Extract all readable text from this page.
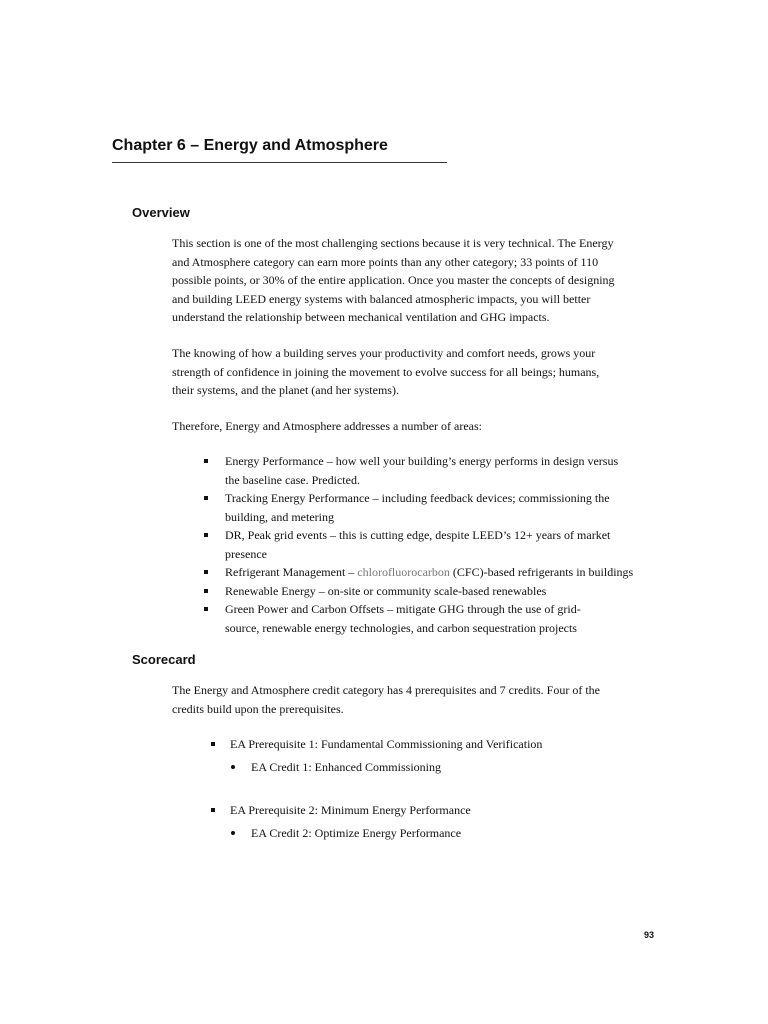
Chapter 6 – Energy and Atmosphere
Overview

This section is one of the most challenging sections because it is very technical. The Energy
and Atmosphere category can earn more points than any other category; 33 points of 110
possible points, or 30% of the entire application. Once you master the concepts of designing
and building LEED energy systems with balanced atmospheric impacts, you will better
understand the relationship between mechanical ventilation and GHG impacts.

The knowing of how a building serves your productivity and comfort needs, grows your
strength of confidence in joining the movement to evolve success for all beings; humans,
their systems, and the planet (and her systems).

Therefore, Energy and Atmosphere addresses a number of areas:

Energy Performance – how well your building’s energy performs in design versus
the baseline case. Predicted.
Tracking Energy Performance – including feedback devices; commissioning the
building, and metering
DR, Peak grid events – this is cutting edge, despite LEED’s 12+ years of market
presence
Refrigerant Management – chlorofluorocarbon (CFC)-based refrigerants in buildings
Renewable Energy – on-site or community scale-based renewables
Green Power and Carbon Offsets – mitigate GHG through the use of grid-
source, renewable energy technologies, and carbon sequestration projects
Scorecard

The Energy and Atmosphere credit category has 4 prerequisites and 7 credits. Four of the
credits build upon the prerequisites.

EA Prerequisite 1: Fundamental Commissioning and Verification
EA Credit 1: Enhanced Commissioning
EA Prerequisite 2: Minimum Energy Performance
EA Credit 2: Optimize Energy Performance
93
